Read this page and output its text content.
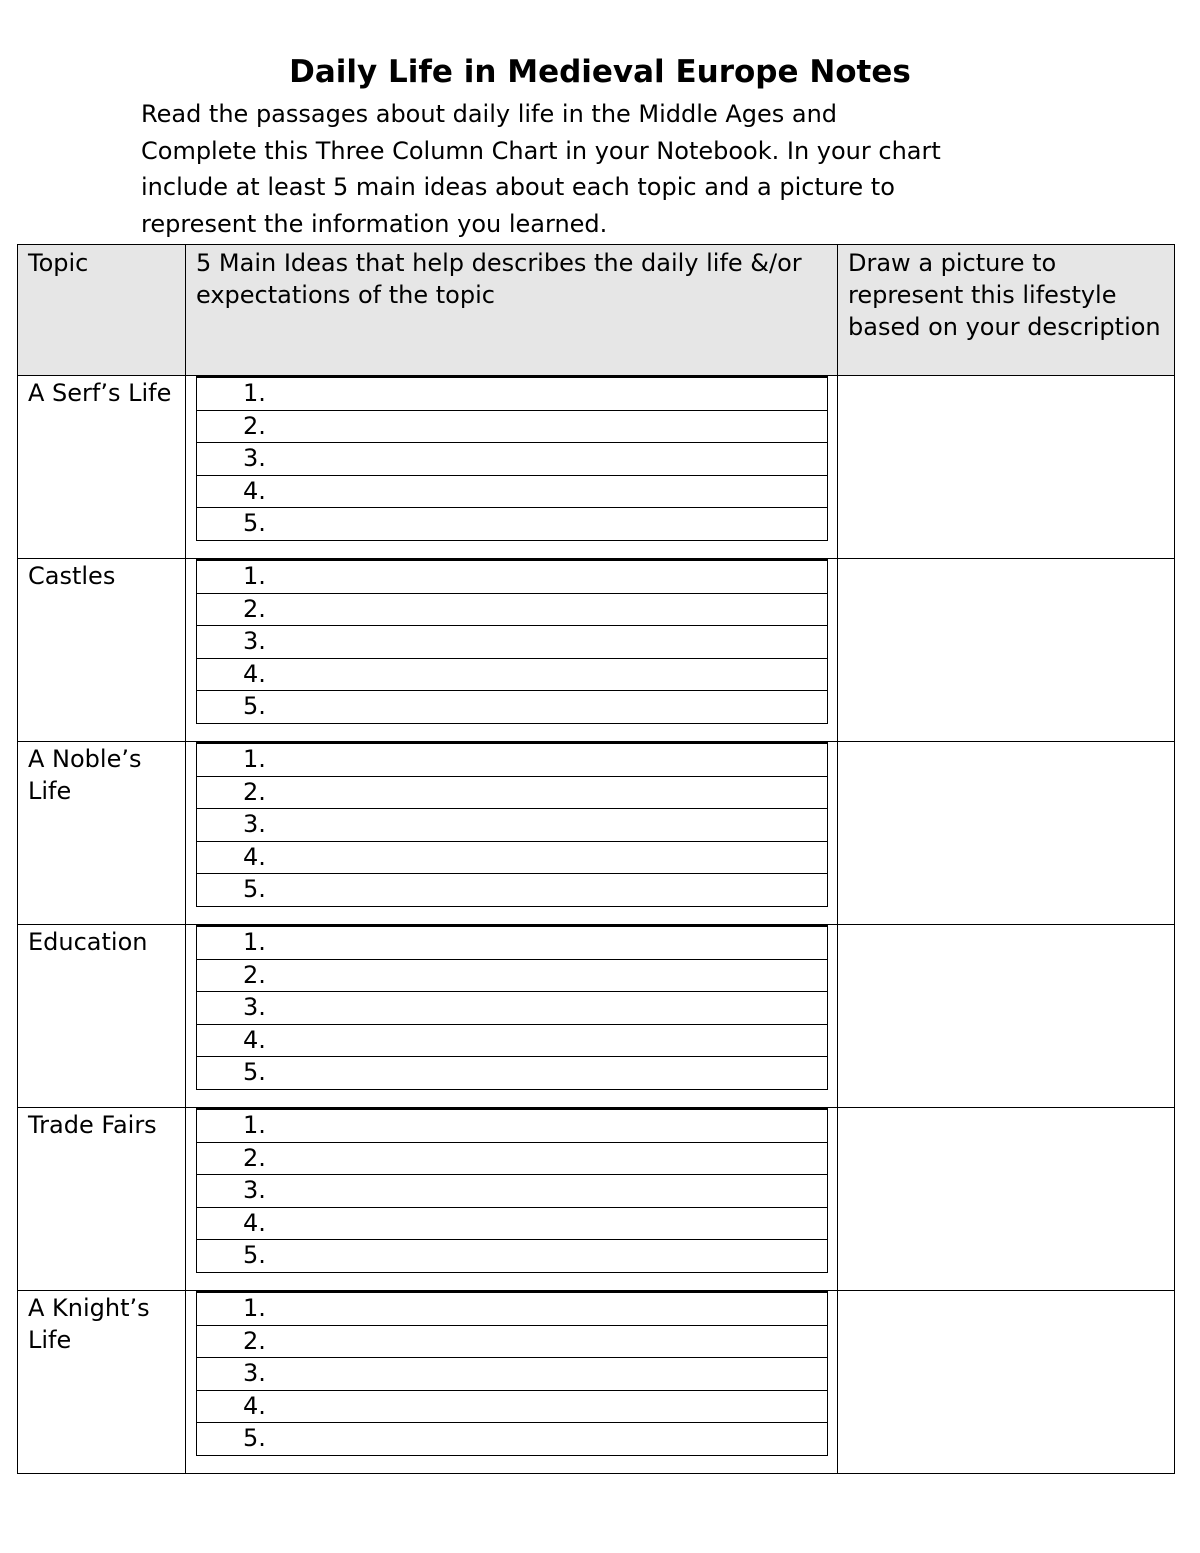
Daily Life in Medieval Europe Notes

Read the passages about daily life in the Middle Ages and
Complete this Three Column Chart in your Notebook. In your chart
include at least 5 main ideas about each topic and a picture to
represent the information you learned.

Topic	5 Main Ideas that help describes the daily life &/or expectations of the topic	Draw a picture to represent this lifestyle based on your description
A Serf’s Life	1.
2.
3.
4.
5.	

Castles	1.
2.
3.
4.
5.	

A Noble’s Life	1.
2.
3.
4.
5.	

Education	1.
2.
3.
4.
5.	

Trade Fairs	1.
2.
3.
4.
5.	

A Knight’s Life	1.
2.
3.
4.
5.	
